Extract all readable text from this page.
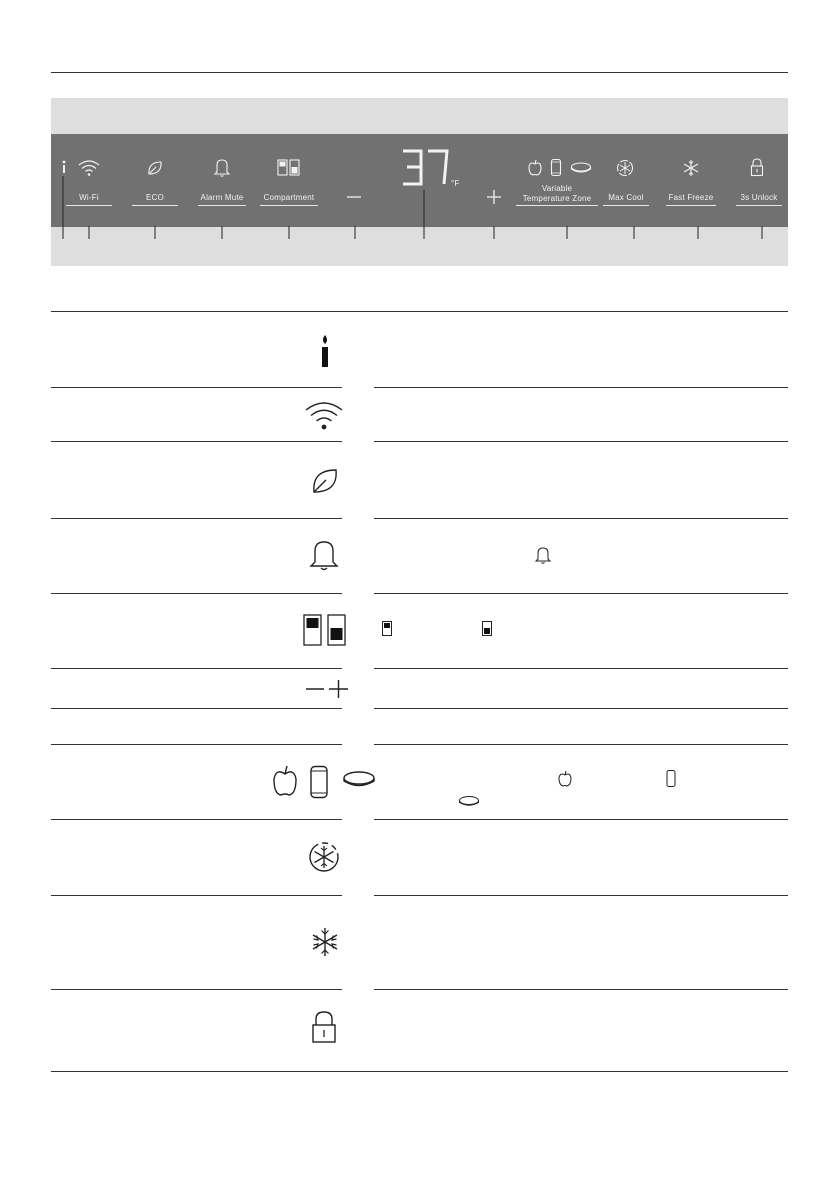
°F
Wi-Fi	ECO	Alarm Mute	Compartment
Variable
Temperature Zone	Max Cool	Fast Freeze	3s Unlock
